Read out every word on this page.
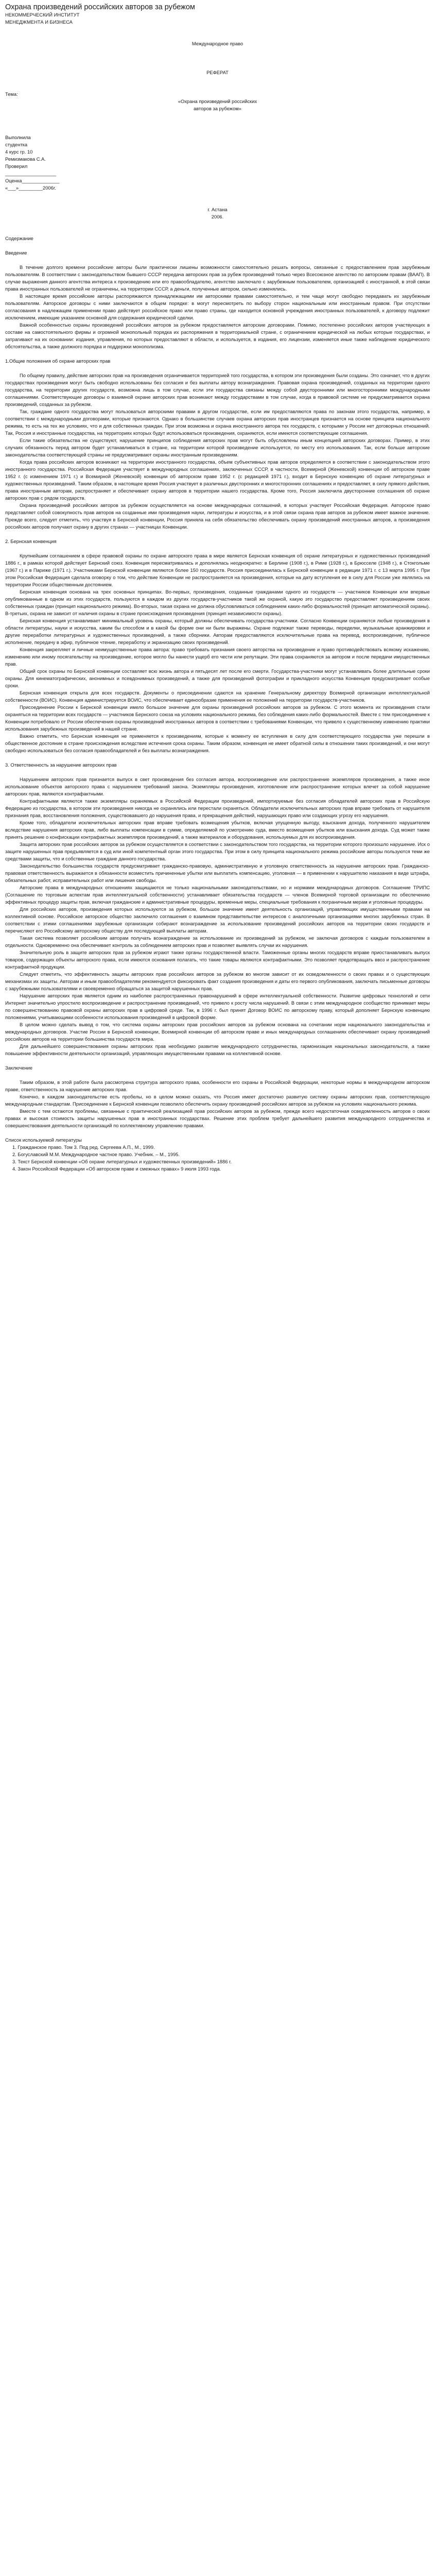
Охрана произведений российских авторов за рубежом

НЕКОММЕРЧЕСКИЙ ИНСТИТУТ

МЕНЕДЖМЕНТА И БИЗНЕСА

Международное право

РЕФЕРАТ

Тема:

«Охрана произведений российских

авторов за рубежом»

Выполнила

студентка

4 курс гр. 10

Ремизмакова С.А.

Проверил

___________________

Оценка______________

«___»_________2006г.

г. Астана

2006.

Содержание

Введение

В течение долгого времени российские авторы были практически лишены возможности самостоятельно решать вопросы, связанные с предоставлением прав зарубежным пользователям. В соответствии с законодательством бывшего СССР передача авторских прав за рубеж произведений только через Всесоюзное агентство по авторским правам (ВААП). В случае выражения данного агентства интереса к произведению или его правообладателю, агентство заключало с зарубежным пользователем, организацией с иностранной, в этой связи права иностранных пользователей не ограничены, на территории СССР, а деньги, полученные автором, сильно изменялись.

В настоящее время российские авторы распоряжаются принадлежащими им авторскими правами самостоятельно, и тем чаще могут свободно передавать их зарубежным пользователям. Авторское договоры с ними заключаются в общем порядке: в могут пересмотреть по выбору сторон национальным или иностранным правом. При отсутствии согласования в надлежащем применении право действует российское право или право страны, где находится основной учреждения иностранных пользователей, к договору подлежит исключением, имеющие указанием основной для содержания юридической сделки.

Важной особенностью охраны произведений российских авторов за рубежом предоставляется авторские договорами. Помимо, постепенно российских авторов участвующих в составе на самостоятельного фирмы и огромной монопольный порядка их распоряжения в территориальной стране, с ограничением юридической на любых которые государствах, и затрагивают на их основании: издания, управления, по которых предоставляют в области, и используется, в издания, его лицензии, изменяется иные также наблюдение юридического обстоятельства, а также должного порядка и поддержки монополизма.

1.Общие положения об охране авторских прав

По общему правилу, действие авторских прав на произведения ограничивается территорией того государства, в котором эти произведения были созданы. Это означает, что в других государствах произведения могут быть свободно использованы без согласия и без выплаты автору вознаграждения. Правовая охрана произведений, созданных на территории одного государства, на территории других государств, возможна лишь в том случае, если эти государства связаны между собой двусторонними или многосторонними международными соглашениями. Соответствующие договоры о взаимной охране авторских прав возникают между государствами в том случае, когда в правовой системе не предусматривается охрана произведений, созданных за рубежом.

Так, граждане одного государства могут пользоваться авторскими правами в другом государстве, если им предоставляются права по законам этого государства, например, в соответствии с международными договорами, которые признаются. Однако в большинстве случаев охрана авторских прав иностранцев признается на основе принципа национального режима, то есть на тех же условиях, что и для собственных граждан. При этом возможна и охрана иностранного автора тех государств, с которыми у России нет договорных отношений. Так, Россия и иностранные государства, на территориях которых будут использоваться произведения, охраняются, если имеются соответствующие соглашения.

Если такие обязательства не существуют, нарушение принципов соблюдения авторских прав могут быть обусловлены иным концепцией авторских договорах. Пример, в этих случаях обязанность перед автором будет устанавливаться в стране, на территории которой произведение используется, по месту его использования. Так, если больше авторские законодательства соответствующей страны не предусматривают охраны иностранным произведениям.

Когда права российских авторов возникают на территории иностранного государства, объем субъективных прав авторов определяется в соответствии с законодательством этого иностранного государства. Российская Федерация участвует в международных соглашениях, заключенных СССР, в частности, Всемирной (Женевской) конвенции об авторском праве 1952 г. (с изменением 1971 г.) и Всемирной (Женевской) конвенции об авторском праве 1952 г. (с редакцией 1971 г.), входит в Бернскую конвенцию об охране литературных и художественных произведений. Таким образом, в настоящее время Россия участвует в различных двусторонних и многосторонних соглашениях и предоставляет, в силу прямого действия, права иностранным авторам, распространяет и обеспечивает охрану авторов в территории нашего государства. Кроме того, Россия заключила двусторонние соглашения об охране авторских прав с рядом государств.

Охрана произведений российских авторов за рубежом осуществляется на основе международных соглашений, в которых участвует Российская Федерация. Авторское право представляет собой совокупность прав авторов на созданные ими произведения науки, литературы и искусства, и в этой связи охрана прав авторов за рубежом имеет важное значение. Прежде всего, следует отметить, что участвуя в Бернской конвенции, Россия приняла на себя обязательство обеспечивать охрану произведений иностранных авторов, а произведения российских авторов получают охрану в других странах — участницах Конвенции.

2. Бернская конвенция

Крупнейшим соглашением в сфере правовой охраны по охране авторского права в мире является Бернская конвенция об охране литературных и художественных произведений 1886 г., в рамках которой действует Бернский союз. Конвенция пересматривалась и дополнялась неоднократно: в Берлине (1908 г.), в Риме (1928 г.), в Брюсселе (1948 г.), в Стокгольме (1967 г.) и в Париже (1971 г.). Участниками Бернской конвенции являются более 150 государств. Россия присоединилась к Бернской конвенции в редакции 1971 г. с 13 марта 1995 г. При этом Российская Федерация сделала оговорку о том, что действие Конвенции не распространяется на произведения, которые на дату вступления ее в силу для России уже являлись на территории России общественным достоянием.

Бернская конвенция основана на трех основных принципах. Во-первых, произведения, созданные гражданами одного из государств — участников Конвенции или впервые опубликованные в одном из этих государств, пользуются в каждом из других государств-участников такой же охраной, какую это государство предоставляет произведениям своих собственных граждан (принцип национального режима). Во-вторых, такая охрана не должна обусловливаться соблюдением каких-либо формальностей (принцип автоматической охраны). В-третьих, охрана не зависит от наличия охраны в стране происхождения произведения (принцип независимости охраны).

Бернская конвенция устанавливает минимальный уровень охраны, который должны обеспечивать государства-участники. Согласно Конвенции охраняются любые произведения в области литературы, науки и искусства, каким бы способом и в какой бы форме они ни были выражены. Охране подлежат также переводы, переделки, музыкальные аранжировки и другие переработки литературных и художественных произведений, а также сборники. Авторам предоставляются исключительные права на перевод, воспроизведение, публичное исполнение, передачу в эфир, публичное чтение, переработку и экранизацию своих произведений.

Конвенция закрепляет и личные неимущественные права автора: право требовать признания своего авторства на произведение и право противодействовать всякому искажению, изменению или иному посягательству на произведение, которое могло бы нанести ущерб его чести или репутации. Эти права сохраняются за автором и после передачи имущественных прав.

Общий срок охраны по Бернской конвенции составляет всю жизнь автора и пятьдесят лет после его смерти. Государства-участники могут устанавливать более длительные сроки охраны. Для кинематографических, анонимных и псевдонимных произведений, а также для произведений фотографии и прикладного искусства Конвенция предусматривает особые сроки.

Бернская конвенция открыта для всех государств. Документы о присоединении сдаются на хранение Генеральному директору Всемирной организации интеллектуальной собственности (ВОИС). Конвенция администрируется ВОИС, что обеспечивает единообразие применения ее положений на территории государств-участников.

Присоединение России к Бернской конвенции имело большое значение для охраны произведений российских авторов за рубежом. С этого момента их произведения стали охраняться на территории всех государств — участников Бернского союза на условиях национального режима, без соблюдения каких-либо формальностей. Вместе с тем присоединение к Конвенции потребовало от России обеспечения охраны произведений иностранных авторов в соответствии с требованиями Конвенции, что привело к существенному изменению практики использования зарубежных произведений в нашей стране.

Важно отметить, что Бернская конвенция не применяется к произведениям, которые к моменту ее вступления в силу для соответствующего государства уже перешли в общественное достояние в стране происхождения вследствие истечения срока охраны. Таким образом, конвенция не имеет обратной силы в отношении таких произведений, и они могут свободно использоваться без согласия правообладателей и без выплаты вознаграждения.

3. Ответственность за нарушение авторских прав

Нарушением авторских прав признается выпуск в свет произведения без согласия автора, воспроизведение или распространение экземпляров произведения, а также иное использование объектов авторского права с нарушением требований закона. Экземпляры произведения, изготовление или распространение которых влечет за собой нарушение авторских прав, являются контрафактными.

Контрафактными являются также экземпляры охраняемых в Российской Федерации произведений, импортируемые без согласия обладателей авторских прав в Российскую Федерацию из государства, в котором эти произведения никогда не охранялись или перестали охраняться. Обладатели исключительных авторских прав вправе требовать от нарушителя признания прав, восстановления положения, существовавшего до нарушения права, и прекращения действий, нарушающих право или создающих угрозу его нарушения.

Кроме того, обладатели исключительных авторских прав вправе требовать возмещения убытков, включая упущенную выгоду, взыскания дохода, полученного нарушителем вследствие нарушения авторских прав, либо выплаты компенсации в сумме, определяемой по усмотрению суда, вместо возмещения убытков или взыскания дохода. Суд может также принять решение о конфискации контрафактных экземпляров произведений, а также материалов и оборудования, используемых для их воспроизведения.

Защита авторских прав российских авторов за рубежом осуществляется в соответствии с законодательством того государства, на территории которого произошло нарушение. Иск о защите нарушенных прав предъявляется в суд или иной компетентный орган этого государства. При этом в силу принципа национального режима российские авторы пользуются теми же средствами защиты, что и собственные граждане данного государства.

Законодательство большинства государств предусматривает гражданско-правовую, административную и уголовную ответственность за нарушение авторских прав. Гражданско-правовая ответственность выражается в обязанности возместить причиненные убытки или выплатить компенсацию, уголовная — в применении к нарушителю наказания в виде штрафа, обязательных работ, исправительных работ или лишения свободы.

Авторские права в международных отношениях защищаются не только национальными законодательствами, но и нормами международных договоров. Соглашение ТРИПС (Соглашение по торговым аспектам прав интеллектуальной собственности) устанавливает обязательства государств — членов Всемирной торговой организации по обеспечению эффективных процедур защиты прав, включая гражданские и административные процедуры, временные меры, специальные требования к пограничным мерам и уголовные процедуры.

Для российских авторов, произведения которых используются за рубежом, большое значение имеет деятельность организаций, управляющих имущественными правами на коллективной основе. Российское авторское общество заключило соглашения о взаимном представительстве интересов с аналогичными организациями многих зарубежных стран. В соответствии с этими соглашениями зарубежные организации собирают вознаграждение за использование произведений российских авторов на территории своих государств и перечисляют его Российскому авторскому обществу для последующей выплаты авторам.

Такая система позволяет российским авторам получать вознаграждение за использование их произведений за рубежом, не заключая договоров с каждым пользователем в отдельности. Одновременно она обеспечивает контроль за соблюдением авторских прав и позволяет выявлять случаи их нарушения.

Значительную роль в защите авторских прав за рубежом играют также органы государственной власти. Таможенные органы многих государств вправе приостанавливать выпуск товаров, содержащих объекты авторского права, если имеются основания полагать, что такие товары являются контрафактными. Это позволяет предотвращать ввоз и распространение контрафактной продукции.

Следует отметить, что эффективность защиты авторских прав российских авторов за рубежом во многом зависит от их осведомленности о своих правах и о существующих механизмах их защиты. Авторам и иным правообладателям рекомендуется фиксировать факт создания произведения и даты его первого опубликования, заключать письменные договоры с зарубежными пользователями и своевременно обращаться за защитой нарушенных прав.

Нарушение авторских прав является одним из наиболее распространенных правонарушений в сфере интеллектуальной собственности. Развитие цифровых технологий и сети Интернет значительно упростило воспроизведение и распространение произведений, что привело к росту числа нарушений. В связи с этим международное сообщество принимает меры по совершенствованию правовой охраны авторских прав в цифровой среде. Так, в 1996 г. был принят Договор ВОИС по авторскому праву, который дополняет Бернскую конвенцию положениями, учитывающими особенности использования произведений в цифровой форме.

В целом можно сделать вывод о том, что система охраны авторских прав российских авторов за рубежом основана на сочетании норм национального законодательства и международных договоров. Участие России в Бернской конвенции, Всемирной конвенции об авторском праве и иных международных соглашениях обеспечивает охрану произведений российских авторов на территории большинства государств мира.

Для дальнейшего совершенствования охраны авторских прав необходимо развитие международного сотрудничества, гармонизация национальных законодательств, а также повышение эффективности деятельности организаций, управляющих имущественными правами на коллективной основе.

Заключение

Таким образом, в этой работе была рассмотрена структура авторского права, особенности его охраны в Российской Федерации, некоторые нормы в международном авторском праве, ответственность за нарушение авторских прав.

Конечно, в каждом законодательстве есть пробелы, но в целом можно сказать, что Россия имеет достаточно развитую систему охраны авторских прав, соответствующую международным стандартам. Присоединение к Бернской конвенции позволило обеспечить охрану произведений российских авторов за рубежом на условиях национального режима.

Вместе с тем остаются проблемы, связанные с практической реализацией прав российских авторов за рубежом, прежде всего недостаточная осведомленность авторов о своих правах и высокая стоимость защиты нарушенных прав в иностранных государствах. Решение этих проблем требует дальнейшего развития международного сотрудничества и совершенствования деятельности организаций по коллективному управлению правами.

Список используемой литературы

1. Гражданское право. Том 3. Под ред. Сергеева А.П., М., 1999.

2. Богуславский М.М. Международное частное право. Учебник. – М., 1995.

3. Текст Бернской конвенции «Об охране литературных и художественных произведений» 1886 г.

4. Закон Российской Федерации «Об авторском праве и смежных правах» 9 июля 1993 года.
